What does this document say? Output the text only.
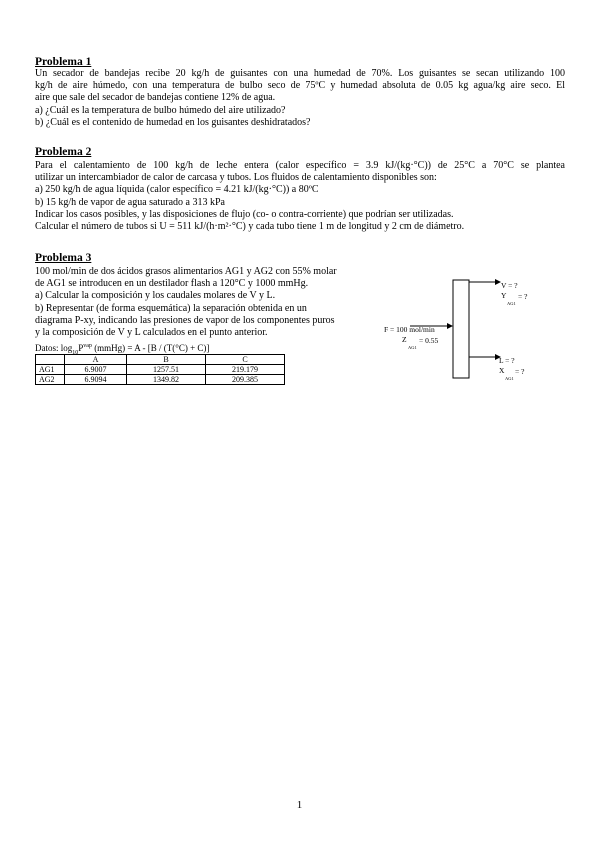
Problema 1

Un secador de bandejas recibe 20 kg/h de guisantes con una humedad de 70%. Los guisantes se secan utilizando 100

kg/h de aire húmedo, con una temperatura de bulbo seco de 75ºC y humedad absoluta de 0.05 kg agua/kg aire seco. El

aire que sale del secador de bandejas contiene 12% de agua.

a) ¿Cuál es la temperatura de bulbo húmedo del aire utilizado?

b) ¿Cuál es el contenido de humedad en los guisantes deshidratados?

Problema 2

Para el calentamiento de 100 kg/h de leche entera (calor específico = 3.9 kJ/(kg·°C)) de 25°C a 70°C se plantea

utilizar un intercambiador de calor de carcasa y tubos. Los fluidos de calentamiento disponibles son:

a) 250 kg/h de agua líquida (calor específico = 4.21 kJ/(kg·°C)) a 80ºC

b) 15 kg/h de vapor de agua saturado a 313 kPa

Indicar los casos posibles, y las disposiciones de flujo (co- o contra-corriente) que podrían ser utilizadas.

Calcular el número de tubos si U = 511 kJ/(h·m²·°C) y cada tubo tiene 1 m de longitud y 2 cm de diámetro.

Problema 3

100 mol/min de dos ácidos grasos alimentarios AG1 y AG2 con 55% molar

de AG1 se introducen en un destilador flash a 120°C y 1000 mmHg.

a) Calcular la composición y los caudales molares de V y L.

b) Representar (de forma esquemática) la separación obtenida en un

diagrama P-xy, indicando las presiones de vapor de los componentes puros

y la composición de V y L calculados en el punto anterior.

Datos: $\log_{10}P^{vap}$ (mmHg) = A - [B / (T(°C) + C)]
	A	B	C
AG1	6.9007	1257.51	219.179
AG2	6.9094	1349.82	209.385
F = 100 mol/min
Z
AG1
= 0.55
V = ?
Y
AG1
= ?
L = ?
X
AG1
= ?
1
